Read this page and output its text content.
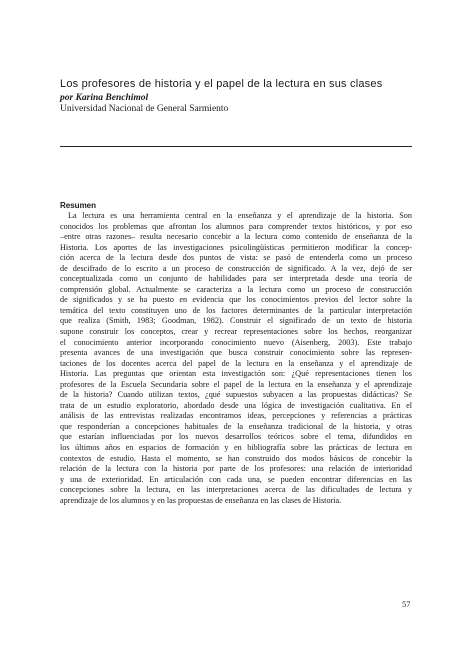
Los profesores de historia y el papel de la lectura en sus clases
por Karina Benchimol
Universidad Nacional de General Sarmiento
Resumen
La lectura es una herramienta central en la enseñanza y el aprendizaje de la historia. Son
conocidos los problemas que afrontan los alumnos para comprender textos históricos, y por eso
–entre otras razones– resulta necesario concebir a la lectura como contenido de enseñanza de la
Historia. Los aportes de las investigaciones psicolingüísticas permitieron modificar la concep-
ción acerca de la lectura desde dos puntos de vista: se pasó de entenderla como un proceso
de descifrado de lo escrito a un proceso de construcción de significado. A la vez, dejó de ser
conceptualizada como un conjunto de habilidades para ser interpretada desde una teoría de
comprensión global. Actualmente se caracteriza a la lectura como un proceso de construcción
de significados y se ha puesto en evidencia que los conocimientos previos del lector sobre la
temática del texto constituyen uno de los factores determinantes de la particular interpretación
que realiza (Smith, 1983; Goodman, 1982). Construir el significado de un texto de historia
supone construir los conceptos, crear y recrear representaciones sobre los hechos, reorganizar
el conocimiento anterior incorporando conocimiento nuevo (Aisenberg, 2003). Este trabajo
presenta avances de una investigación que busca construir conocimiento sobre las represen-
taciones de los docentes acerca del papel de la lectura en la enseñanza y el aprendizaje de
Historia. Las preguntas que orientan esta investigación son: ¿Qué representaciones tienen los
profesores de la Escuela Secundaria sobre el papel de la lectura en la enseñanza y el aprendizaje
de la historia? Cuando utilizan textos, ¿qué supuestos subyacen a las propuestas didácticas? Se
trata de un estudio exploratorio, abordado desde una lógica de investigación cualitativa. En el
análisis de las entrevistas realizadas encontramos ideas, percepciones y referencias a prácticas
que responderían a concepciones habituales de la enseñanza tradicional de la historia, y otras
que estarían influenciadas por los nuevos desarrollos teóricos sobre el tema, difundidos en
los últimos años en espacios de formación y en bibliografía sobre las prácticas de lectura en
contextos de estudio. Hasta el momento, se han construido dos modos básicos de concebir la
relación de la lectura con la historia por parte de los profesores: una relación de interioridad
y una de exterioridad. En articulación con cada una, se pueden encontrar diferencias en las
concepciones sobre la lectura, en las interpretaciones acerca de las dificultades de lectura y
aprendizaje de los alumnos y en las propuestas de enseñanza en las clases de Historia.
57
